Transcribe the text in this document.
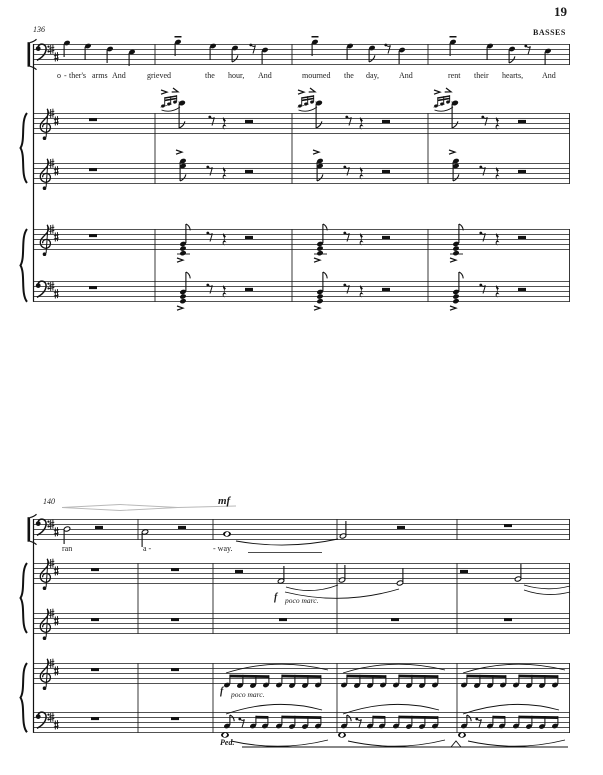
19
BASSES
136
140
o - ther's arms And	grieved	the hour, And	mourned the day, And	rent their hearts, And
ran	a -	- way.
mf
f poco marc.
f poco marc.
Ped.
